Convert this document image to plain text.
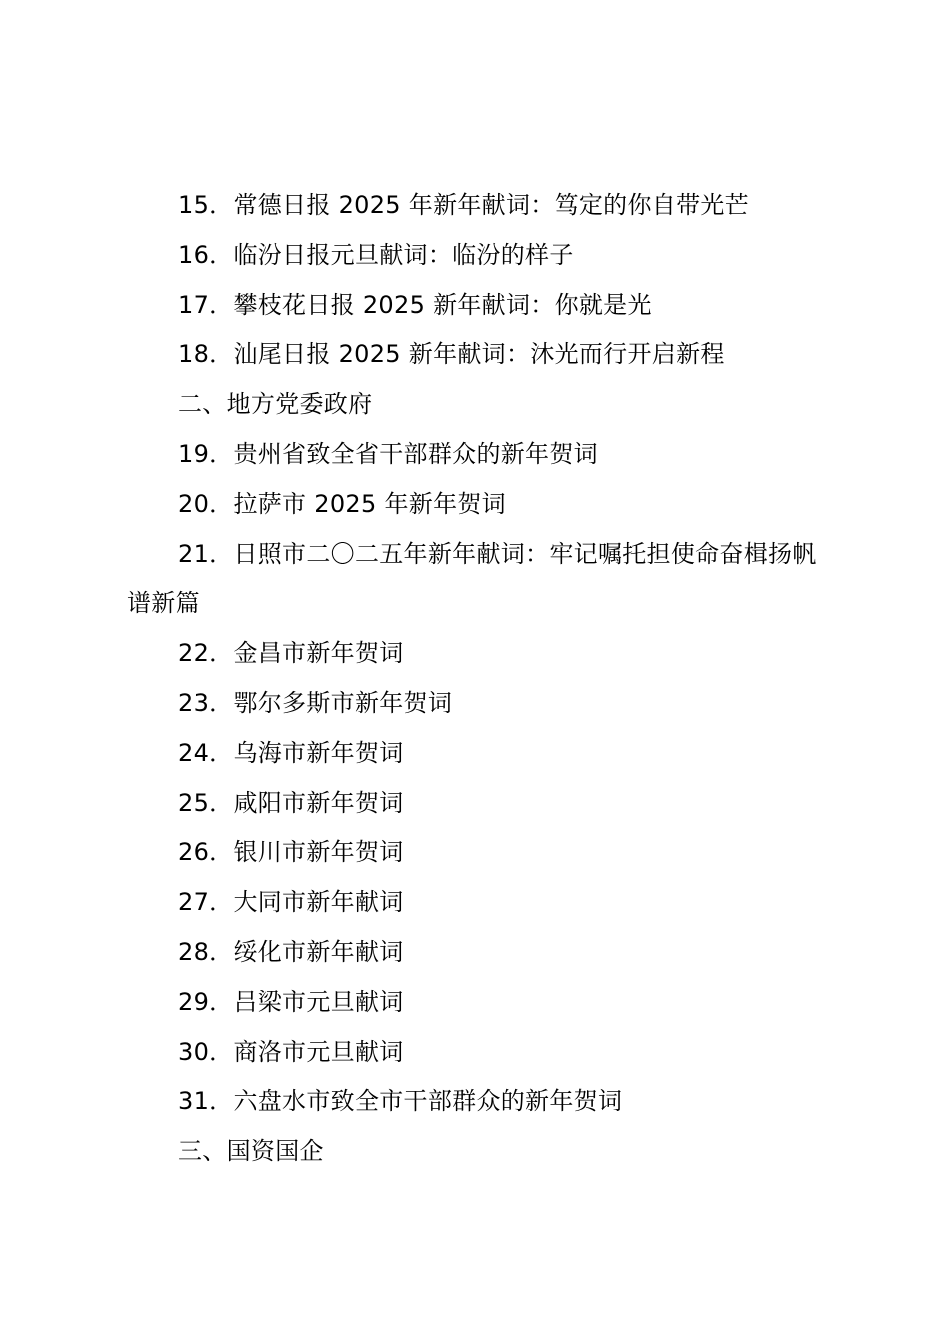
15．常德日报 2025 年新年献词：笃定的你自带光芒
16．临汾日报元旦献词：临汾的样子
17．攀枝花日报 2025 新年献词：你就是光
18．汕尾日报 2025 新年献词：沐光而行开启新程
二、地方党委政府
19．贵州省致全省干部群众的新年贺词
20．拉萨市 2025 年新年贺词
21．日照市二〇二五年新年献词：牢记嘱托担使命奋楫扬帆谱新篇
22．金昌市新年贺词
23．鄂尔多斯市新年贺词
24．乌海市新年贺词
25．咸阳市新年贺词
26．银川市新年贺词
27．大同市新年献词
28．绥化市新年献词
29．吕梁市元旦献词
30．商洛市元旦献词
31．六盘水市致全市干部群众的新年贺词
三、国资国企
